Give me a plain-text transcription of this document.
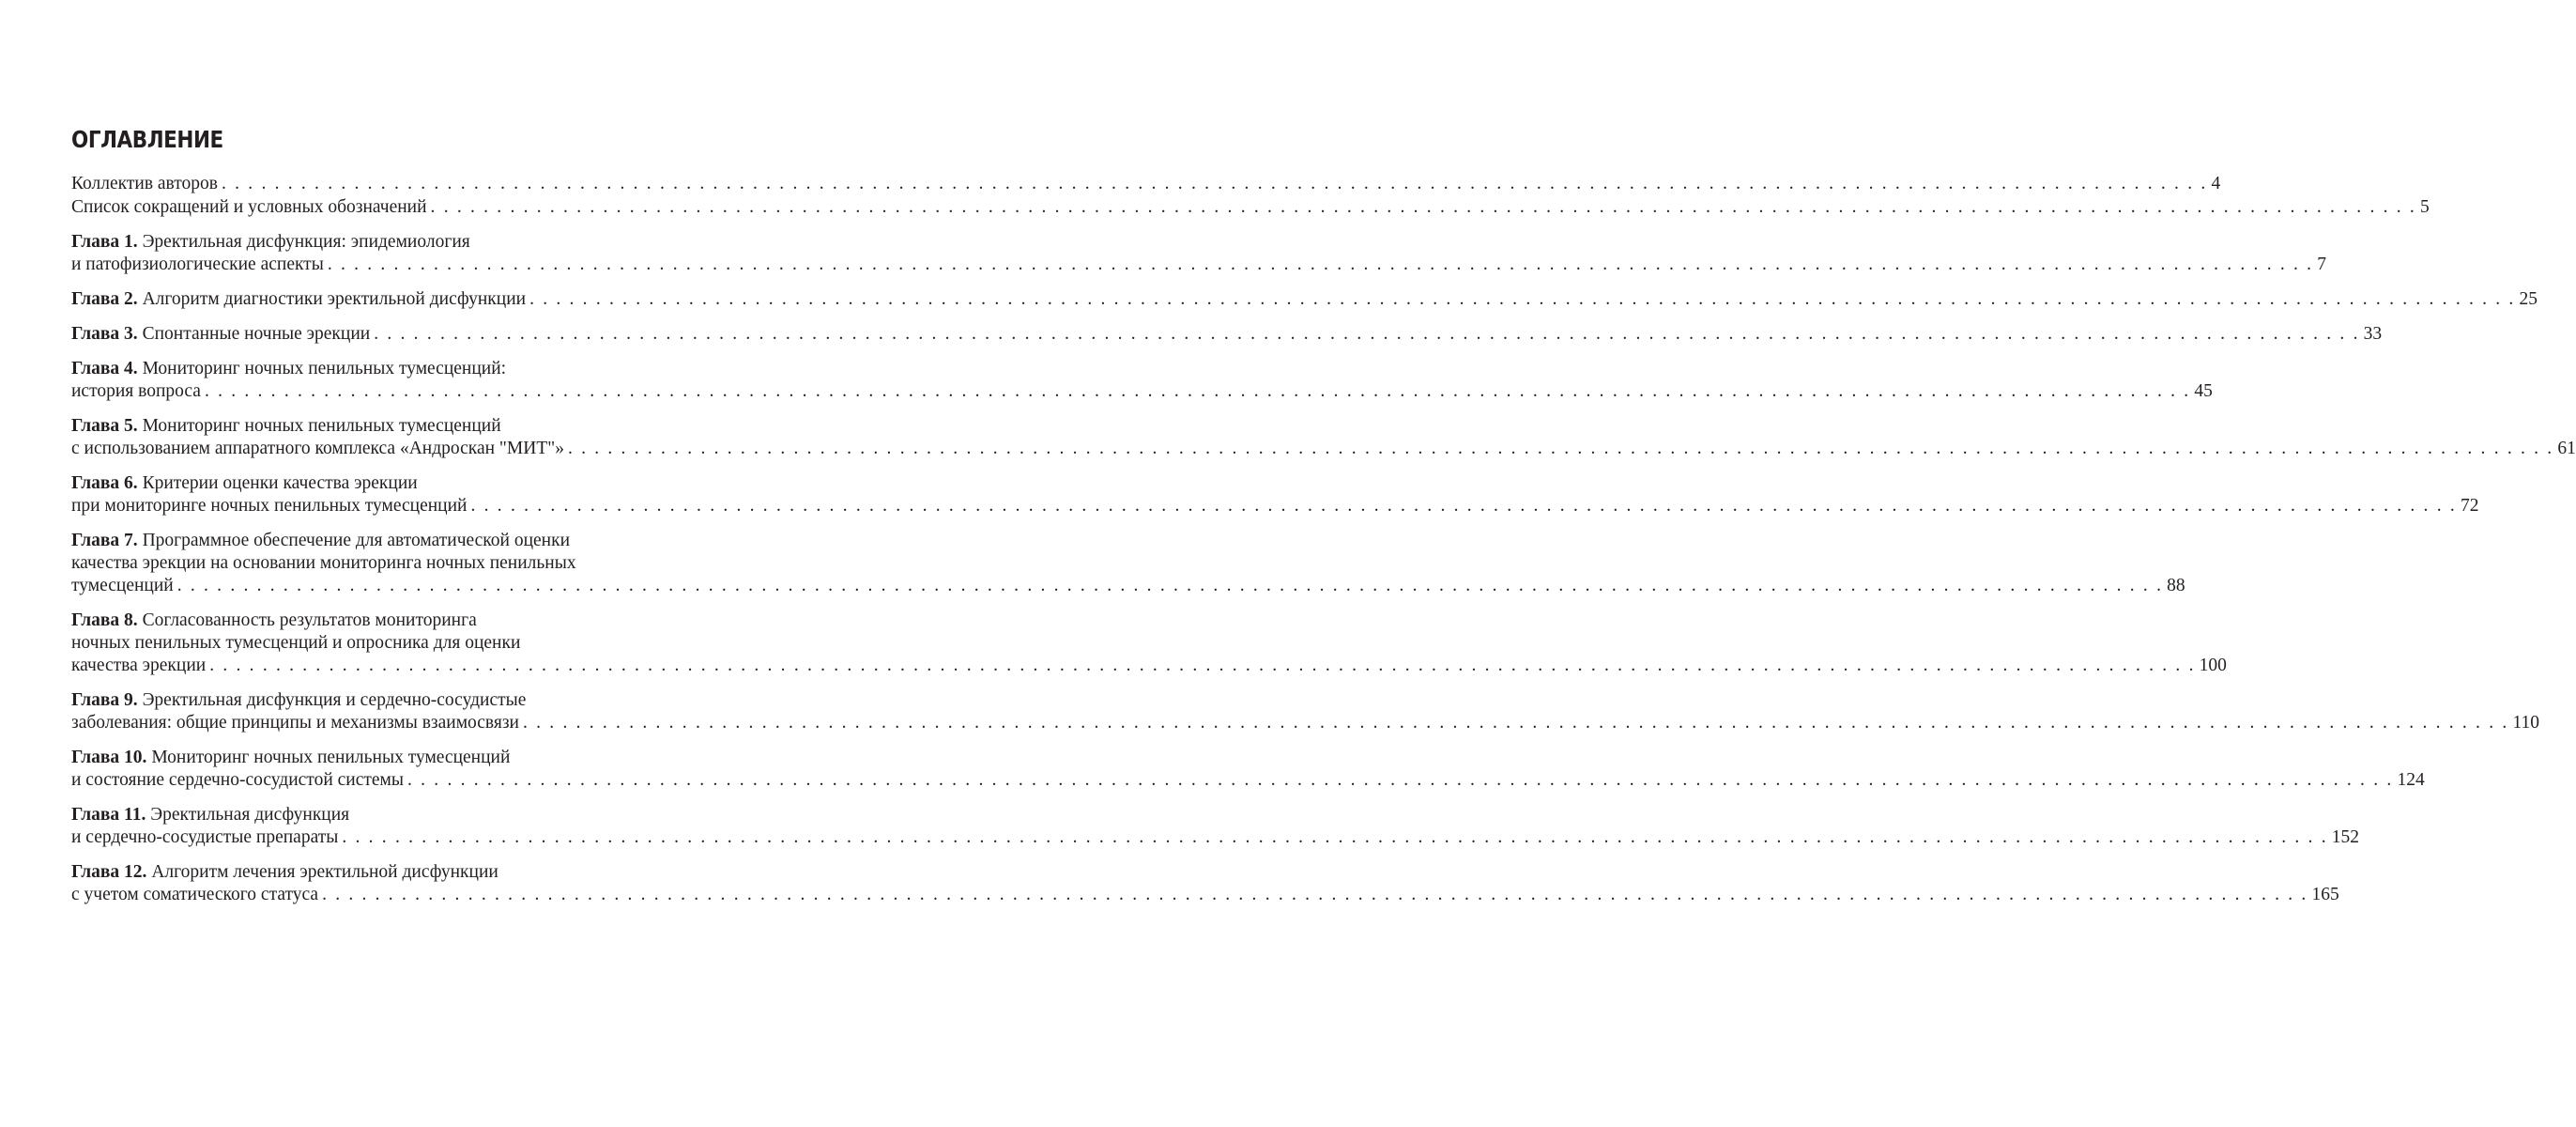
ОГЛАВЛЕНИЕ
Коллектив авторов . . . . . . . . . . . . . . . . . . . . . . . . . . . . . . . . . . . . . . . . . . . . . . . . . . . . . . . . . . . . . . . . . . . . . . . . . . . . . . . . . . . . . . . . . . . . . . . . . . . . . . . . . . . . . . . . . . . . . . . . . . . . . . . . . . . . . . . . . . . . . . . . . . . . . . 4
Список сокращений и условных обозначений . . . . . . . . . . . . . . . . . . . . . . . . . . . . . . . . . . . . . . . . . . . . . . . . . . . . . . . . . . . . . . . . . . . . . . . . . . . . . . . . . . . . . . . . . . . . . . . . . . . . . . . . . . . . . . . . . . . . . . . . . . . . . . . . . . . . . . . . . . . . . . . . . . . . . . 5
Глава 1. Эректильная дисфункция: эпидемиология
и патофизиологические аспекты . . . . . . . . . . . . . . . . . . . . . . . . . . . . . . . . . . . . . . . . . . . . . . . . . . . . . . . . . . . . . . . . . . . . . . . . . . . . . . . . . . . . . . . . . . . . . . . . . . . . . . . . . . . . . . . . . . . . . . . . . . . . . . . . . . . . . . . . . . . . . . . . . . . . . . 7
Глава 2. Алгоритм диагностики эректильной дисфункции . . . . . . . . . . . . . . . . . . . . . . . . . . . . . . . . . . . . . . . . . . . . . . . . . . . . . . . . . . . . . . . . . . . . . . . . . . . . . . . . . . . . . . . . . . . . . . . . . . . . . . . . . . . . . . . . . . . . . . . . . . . . . . . . . . . . . . . . . . . . . . . . . . . . . . 25
Глава 3. Спонтанные ночные эрекции . . . . . . . . . . . . . . . . . . . . . . . . . . . . . . . . . . . . . . . . . . . . . . . . . . . . . . . . . . . . . . . . . . . . . . . . . . . . . . . . . . . . . . . . . . . . . . . . . . . . . . . . . . . . . . . . . . . . . . . . . . . . . . . . . . . . . . . . . . . . . . . . . . . . . . 33
Глава 4. Мониторинг ночных пенильных тумесценций:
история вопроса . . . . . . . . . . . . . . . . . . . . . . . . . . . . . . . . . . . . . . . . . . . . . . . . . . . . . . . . . . . . . . . . . . . . . . . . . . . . . . . . . . . . . . . . . . . . . . . . . . . . . . . . . . . . . . . . . . . . . . . . . . . . . . . . . . . . . . . . . . . . . . . . . . . . . . 45
Глава 5. Мониторинг ночных пенильных тумесценций
с использованием аппаратного комплекса «Андроскан "МИТ"» . . . . . . . . . . . . . . . . . . . . . . . . . . . . . . . . . . . . . . . . . . . . . . . . . . . . . . . . . . . . . . . . . . . . . . . . . . . . . . . . . . . . . . . . . . . . . . . . . . . . . . . . . . . . . . . . . . . . . . . . . . . . . . . . . . . . . . . . . . . . . . . . . . . . . . 61
Глава 6. Критерии оценки качества эрекции
при мониторинге ночных пенильных тумесценций . . . . . . . . . . . . . . . . . . . . . . . . . . . . . . . . . . . . . . . . . . . . . . . . . . . . . . . . . . . . . . . . . . . . . . . . . . . . . . . . . . . . . . . . . . . . . . . . . . . . . . . . . . . . . . . . . . . . . . . . . . . . . . . . . . . . . . . . . . . . . . . . . . . . . . 72
Глава 7. Программное обеспечение для автоматической оценки
качества эрекции на основании мониторинга ночных пенильных
тумесценций . . . . . . . . . . . . . . . . . . . . . . . . . . . . . . . . . . . . . . . . . . . . . . . . . . . . . . . . . . . . . . . . . . . . . . . . . . . . . . . . . . . . . . . . . . . . . . . . . . . . . . . . . . . . . . . . . . . . . . . . . . . . . . . . . . . . . . . . . . . . . . . . . . . . . . 88
Глава 8. Согласованность результатов мониторинга
ночных пенильных тумесценций и опросника для оценки
качества эрекции . . . . . . . . . . . . . . . . . . . . . . . . . . . . . . . . . . . . . . . . . . . . . . . . . . . . . . . . . . . . . . . . . . . . . . . . . . . . . . . . . . . . . . . . . . . . . . . . . . . . . . . . . . . . . . . . . . . . . . . . . . . . . . . . . . . . . . . . . . . . . . . . . . . . . . 100
Глава 9. Эректильная дисфункция и сердечно-сосудистые
заболевания: общие принципы и механизмы взаимосвязи . . . . . . . . . . . . . . . . . . . . . . . . . . . . . . . . . . . . . . . . . . . . . . . . . . . . . . . . . . . . . . . . . . . . . . . . . . . . . . . . . . . . . . . . . . . . . . . . . . . . . . . . . . . . . . . . . . . . . . . . . . . . . . . . . . . . . . . . . . . . . . . . . . . . . . 110
Глава 10. Мониторинг ночных пенильных тумесценций
и состояние сердечно-сосудистой системы . . . . . . . . . . . . . . . . . . . . . . . . . . . . . . . . . . . . . . . . . . . . . . . . . . . . . . . . . . . . . . . . . . . . . . . . . . . . . . . . . . . . . . . . . . . . . . . . . . . . . . . . . . . . . . . . . . . . . . . . . . . . . . . . . . . . . . . . . . . . . . . . . . . . . . 124
Глава 11. Эректильная дисфункция
и сердечно-сосудистые препараты . . . . . . . . . . . . . . . . . . . . . . . . . . . . . . . . . . . . . . . . . . . . . . . . . . . . . . . . . . . . . . . . . . . . . . . . . . . . . . . . . . . . . . . . . . . . . . . . . . . . . . . . . . . . . . . . . . . . . . . . . . . . . . . . . . . . . . . . . . . . . . . . . . . . . . 152
Глава 12. Алгоритм лечения эректильной дисфункции
с учетом соматического статуса . . . . . . . . . . . . . . . . . . . . . . . . . . . . . . . . . . . . . . . . . . . . . . . . . . . . . . . . . . . . . . . . . . . . . . . . . . . . . . . . . . . . . . . . . . . . . . . . . . . . . . . . . . . . . . . . . . . . . . . . . . . . . . . . . . . . . . . . . . . . . . . . . . . . . . 165
